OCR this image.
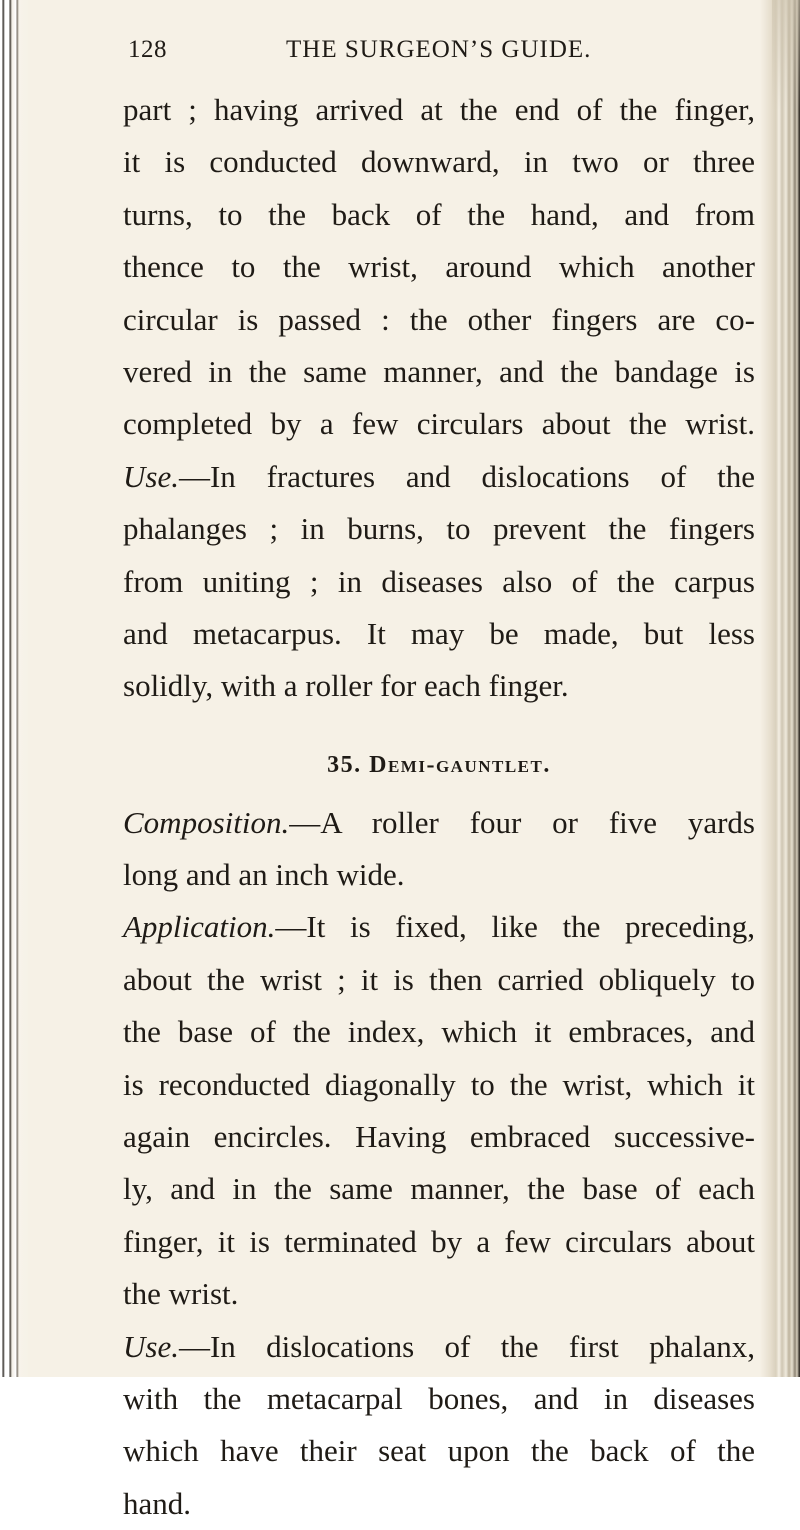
128	THE SURGEON’S GUIDE.
part ; having arrived at the end of the finger,
it is conducted downward, in two or three
turns, to the back of the hand, and from
thence to the wrist, around which another
circular is passed : the other fingers are co-
vered in the same manner, and the bandage is
completed by a few circulars about the wrist.
Use.—In fractures and dislocations of the
phalanges ; in burns, to prevent the fingers
from uniting ; in diseases also of the carpus
and metacarpus. It may be made, but less
solidly, with a roller for each finger.
35. Demi-gauntlet.
Composition.—A roller four or five yards
long and an inch wide.
Application.—It is fixed, like the preceding,
about the wrist ; it is then carried obliquely to
the base of the index, which it embraces, and
is reconducted diagonally to the wrist, which it
again encircles. Having embraced successive-
ly, and in the same manner, the base of each
finger, it is terminated by a few circulars about
the wrist.
Use.—In dislocations of the first phalanx,
with the metacarpal bones, and in diseases
which have their seat upon the back of the
hand.
